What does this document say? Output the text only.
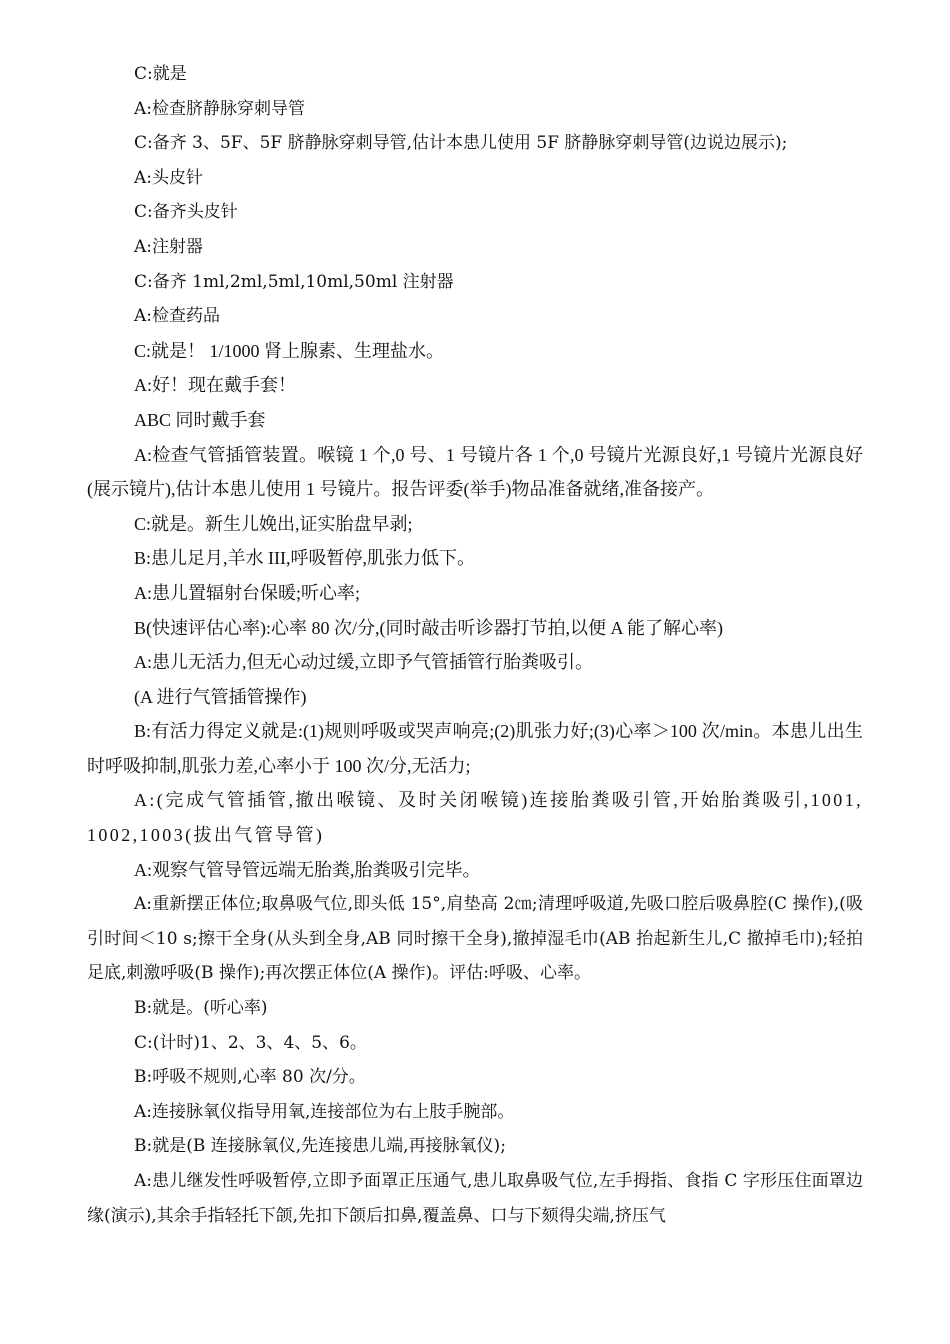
C:就是

A:检查脐静脉穿刺导管

C:备齐 3、5F、5F 脐静脉穿刺导管,估计本患儿使用 5F 脐静脉穿刺导管(边说边展示);

A:头皮针

C:备齐头皮针

A:注射器

C:备齐 1ml,2ml,5ml,10ml,50ml 注射器

A:检查药品

C:就是！ 1/1000 肾上腺素、生理盐水。

A:好！现在戴手套！

ABC 同时戴手套

A:检查气管插管装置。喉镜 1 个,0 号、1 号镜片各 1 个,0 号镜片光源良好,1 号镜片光源良好(展示镜片),估计本患儿使用 1 号镜片。报告评委(举手)物品准备就绪,准备接产。

C:就是。新生儿娩出,证实胎盘早剥;

B:患儿足月,羊水 III,呼吸暂停,肌张力低下。

A:患儿置辐射台保暖;听心率;

B(快速评估心率):心率 80 次/分,(同时敲击听诊器打节拍,以便 A 能了解心率)

A:患儿无活力,但无心动过缓,立即予气管插管行胎粪吸引。

(A 进行气管插管操作)

B:有活力得定义就是:(1)规则呼吸或哭声响亮;(2)肌张力好;(3)心率＞100 次/min。本患儿出生时呼吸抑制,肌张力差,心率小于 100 次/分,无活力;

A:(完成气管插管,撤出喉镜、及时关闭喉镜)连接胎粪吸引管,开始胎粪吸引,1001,1002,1003(拔出气管导管)

A:观察气管导管远端无胎粪,胎粪吸引完毕。

A:重新摆正体位;取鼻吸气位,即头低 15°,肩垫高 2㎝;清理呼吸道,先吸口腔后吸鼻腔(C 操作),(吸引时间＜10 s;擦干全身(从头到全身,AB 同时擦干全身),撤掉湿毛巾(AB 抬起新生儿,C 撤掉毛巾);轻拍足底,刺激呼吸(B 操作);再次摆正体位(A 操作)。评估:呼吸、心率。

B:就是。(听心率)

C:(计时)1、2、3、4、5、6。

B:呼吸不规则,心率 80 次/分。

A:连接脉氧仪指导用氧,连接部位为右上肢手腕部。

B:就是(B 连接脉氧仪,先连接患儿端,再接脉氧仪);

A:患儿继发性呼吸暂停,立即予面罩正压通气,患儿取鼻吸气位,左手拇指、食指 C 字形压住面罩边缘(演示),其余手指轻托下颌,先扣下颌后扣鼻,覆盖鼻、口与下颏得尖端,挤压气
